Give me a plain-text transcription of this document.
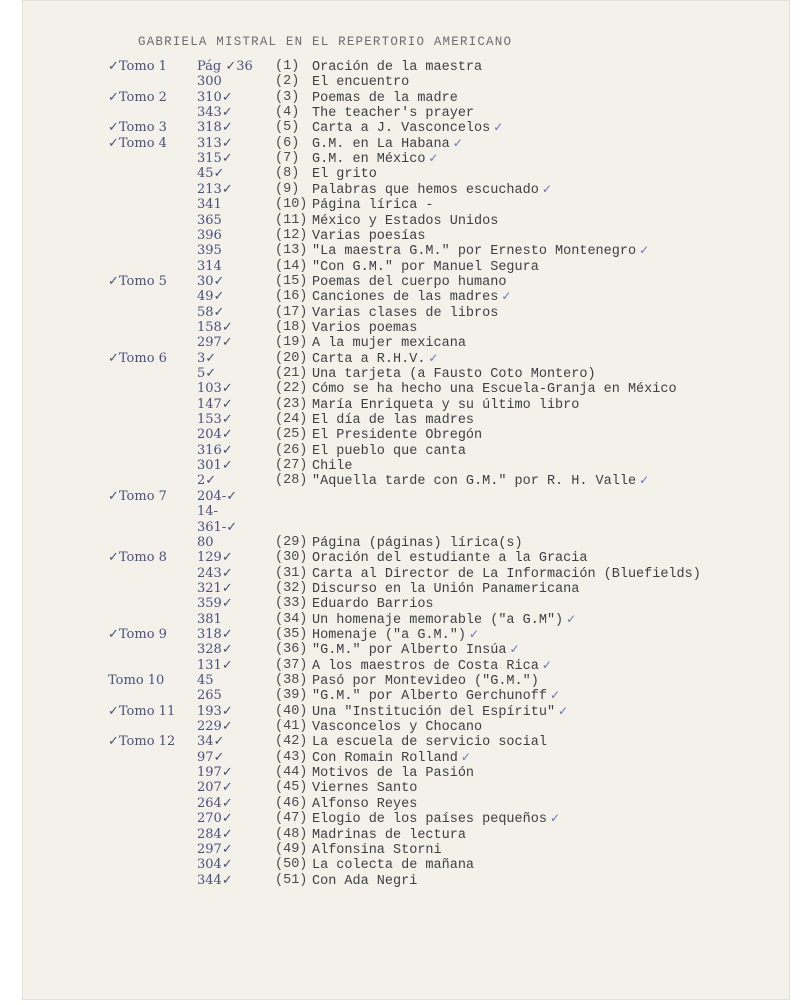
GABRIELA MISTRAL EN EL REPERTORIO AMERICANO
✓Tomo 1 Pág ✓36 (1) Oración de la maestra
300	(2) El encuentro
✓Tomo 2 310✓	(3) Poemas de la madre
343✓	(4) The teacher's prayer
✓Tomo 3 318✓	(5) Carta a J. Vasconcelos ✓
✓Tomo 4 313✓	(6) G.M. en La Habana ✓
315✓	(7) G.M. en México ✓
45✓	(8) El grito
213✓	(9) Palabras que hemos escuchado ✓
341	(10) Página lírica -
365	(11) México y Estados Unidos
396	(12) Varias poesías
395	(13) "La maestra G.M." por Ernesto Montenegro ✓
314	(14) "Con G.M." por Manuel Segura
✓Tomo 5 30✓	(15) Poemas del cuerpo humano
49✓	(16) Canciones de las madres ✓
58✓	(17) Varias clases de libros
158✓	(18) Varios poemas
297✓	(19) A la mujer mexicana
✓Tomo 6 3✓	(20) Carta a R.H.V. ✓
5✓	(21) Una tarjeta (a Fausto Coto Montero)
103✓	(22) Cómo se ha hecho una Escuela-Granja en México
147✓	(23) María Enriqueta y su último libro
153✓	(24) El día de las madres
204✓	(25) El Presidente Obregón
316✓	(26) El pueblo que canta
301✓	(27) Chile
2✓	(28) "Aquella tarde con G.M." por R. H. Valle ✓
✓Tomo 7 204-✓
14-
361-✓
80	(29) Página (páginas) lírica(s)
✓Tomo 8 129✓	(30) Oración del estudiante a la Gracia
243✓	(31) Carta al Director de La Información (Bluefields)
321✓	(32) Discurso en la Unión Panamericana
359✓	(33) Eduardo Barrios
381	(34) Un homenaje memorable ("a G.M") ✓
✓Tomo 9 318✓	(35) Homenaje ("a G.M.") ✓
328✓	(36) "G.M." por Alberto Insúa ✓
131✓	(37) A los maestros de Costa Rica ✓
Tomo 10	45	(38) Pasó por Montevideo ("G.M.")
265	(39) "G.M." por Alberto Gerchunoff ✓
✓Tomo 11 193✓	(40) Una "Institución del Espíritu" ✓
229✓	(41) Vasconcelos y Chocano
✓Tomo 12 34✓	(42) La escuela de servicio social
97✓	(43) Con Romain Rolland ✓
197✓	(44) Motivos de la Pasión
207✓	(45) Viernes Santo
264✓	(46) Alfonso Reyes
270✓	(47) Elogio de los países pequeños ✓
284✓	(48) Madrinas de lectura
297✓	(49) Alfonsina Storni
304✓	(50) La colecta de mañana
344✓	(51) Con Ada Negri
